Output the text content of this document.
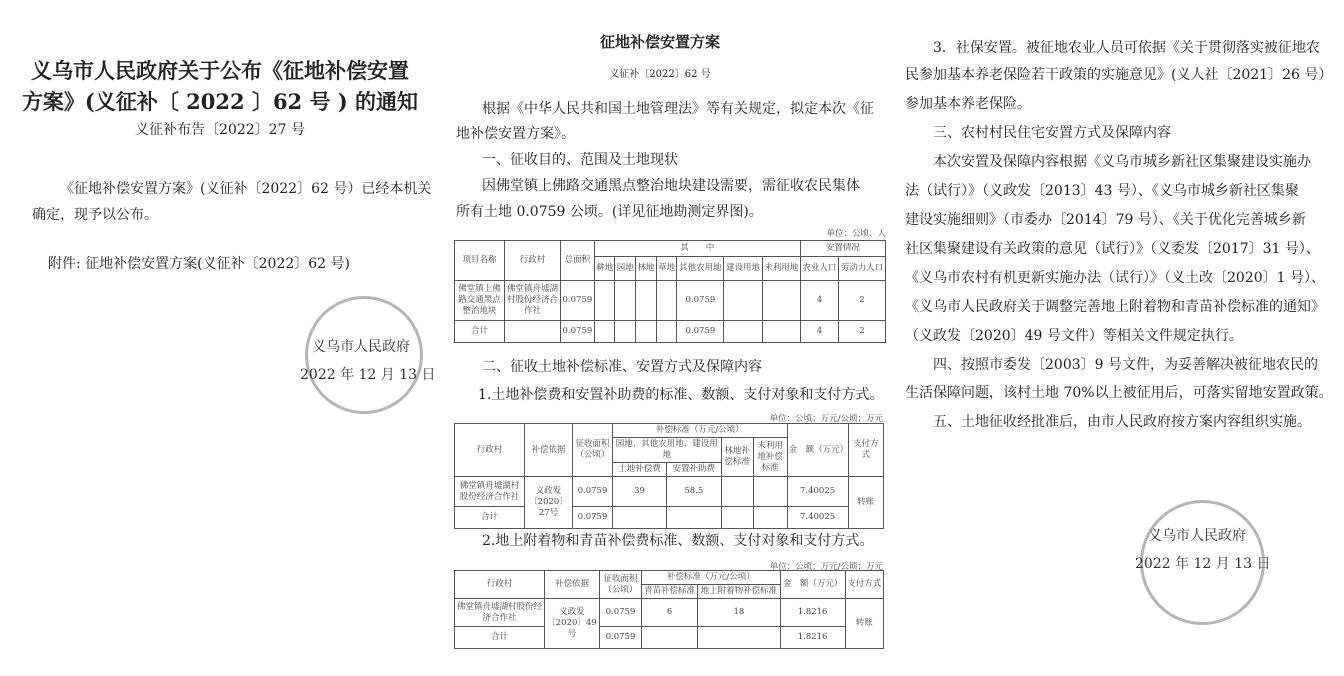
义乌市人民政府关于公布《征地补偿安置
方案》(义征补〔 2022 〕62 号 ) 的通知
义征补布告〔2022〕27 号
《征地补偿安置方案》(义征补〔2022〕62 号）已经本机关
确定，现予以公布。
附件: 征地补偿安置方案(义征补〔2022〕62 号)
义乌市人民政府
2022 年 12 月 13 日
征地补偿安置方案
义征补〔2022〕62 号
根据《中华人民共和国土地管理法》等有关规定，拟定本次《征
地补偿安置方案》。
一、征收目的、范围及土地现状
因佛堂镇上佛路交通黑点整治地块建设需要，需征收农民集体
所有土地 0.0759 公顷。(详见征地勘测定界图)。
单位：公顷、人
项目名称	行政村	总面积	其　　中							安置情况	
			耕地	园地	林地	草地	其他农用地	建设用地	未利用地	农业人口	劳动力人口
佛堂镇上佛路交通黑点整治地块	佛堂镇舟墟湖村股份经济合作社	0.0759					0.0759			4	2
合计		0.0759					0.0759			4	2
二、征收土地补偿标准、安置方式及保障内容
1.土地补偿费和安置补助费的标准、数额、支付对象和支付方式。
单位：公顷；万元/公顷；万元
行政村	补偿依据	征收面积（公顷）	补偿标准（万元/公顷）				金　额（万元）	支付方式
			园地、其他农用地、建设用地		林地补偿标准	未利用地补偿标准		
			土地补偿费	安置补助费				
佛堂镇舟墟湖村股份经济合作社	义政发〔2020〕27号	0.0759	39	58.5			7.40025	转账
合计		0.0759					7.40025	
2.地上附着物和青苗补偿费标准、数额、支付对象和支付方式。
单位：公顷；万元/公顷；万元
行政村	补偿依据	征收面积（公顷）	补偿标准（万元/公顷）		金　额（万元）	支付方式
			青苗补偿标准	地上附着物补偿标准		
佛堂镇舟墟湖村股份经济合作社	义政发〔2020〕49号	0.0759	6	18	1.8216	转账
合计		0.0759			1.8216	
3．社保安置。被征地农业人员可依据《关于贯彻落实被征地农
民参加基本养老保险若干政策的实施意见》(义人社〔2021〕26 号）
参加基本养老保险。
三、农村村民住宅安置方式及保障内容
本次安置及保障内容根据《义乌市城乡新社区集聚建设实施办
法（试行）》（义政发〔2013〕43 号）、《义乌市城乡新社区集聚
建设实施细则》（市委办〔2014〕79 号）、《关于优化完善城乡新
社区集聚建设有关政策的意见（试行）》（义委发〔2017〕31 号）、
《义乌市农村有机更新实施办法（试行）》（义土改〔2020〕1 号）、
《义乌市人民政府关于调整完善地上附着物和青苗补偿标准的通知》
（义政发〔2020〕49 号文件）等相关文件规定执行。
四、按照市委发〔2003〕9 号文件，为妥善解决被征地农民的
生活保障问题，该村土地 70%以上被征用后，可落实留地安置政策。
五、土地征收经批准后，由市人民政府按方案内容组织实施。
义乌市人民政府
2022 年 12 月 13 日
